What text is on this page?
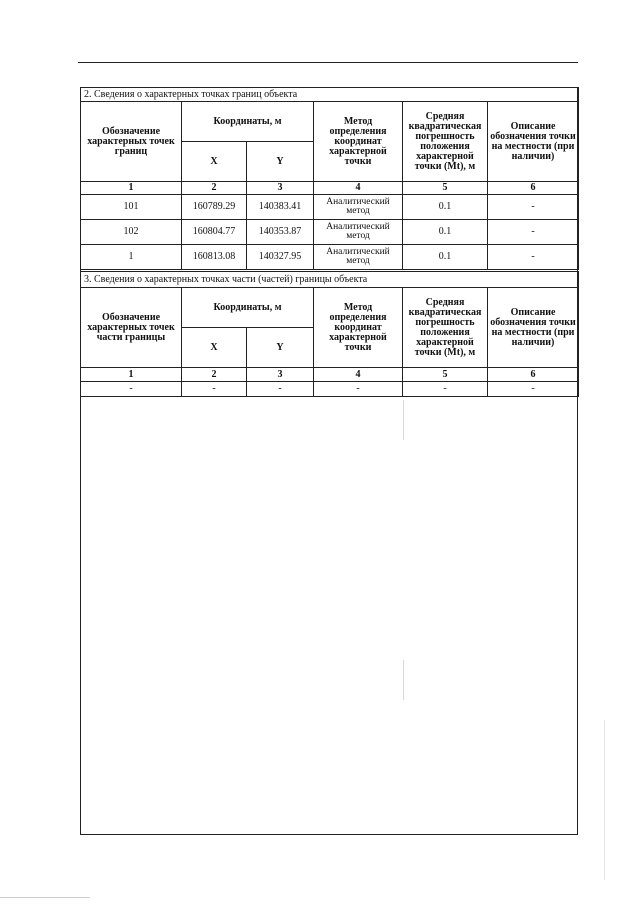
2. Сведения о характерных точках границ объекта					
Обозначение характерных точек границ	Координаты, м		Метод определения координат характерной точки	Средняя квадратическая погрешность положения характерной точки (Mt), м	Описание обозначения точки на местности (при наличии)
	X	Y			
1	2	3	4	5	6
101	160789.29	140383.41	Аналитический метод	0.1	-
102	160804.77	140353.87	Аналитический метод	0.1	-
1	160813.08	140327.95	Аналитический метод	0.1	-
3. Сведения о характерных точках части (частей) границы объекта					
Обозначение характерных точек части границы	Координаты, м		Метод определения координат характерной точки	Средняя квадратическая погрешность положения характерной точки (Mt), м	Описание обозначения точки на местности (при наличии)
	X	Y			
1	2	3	4	5	6
-	-	-	-	-	-
